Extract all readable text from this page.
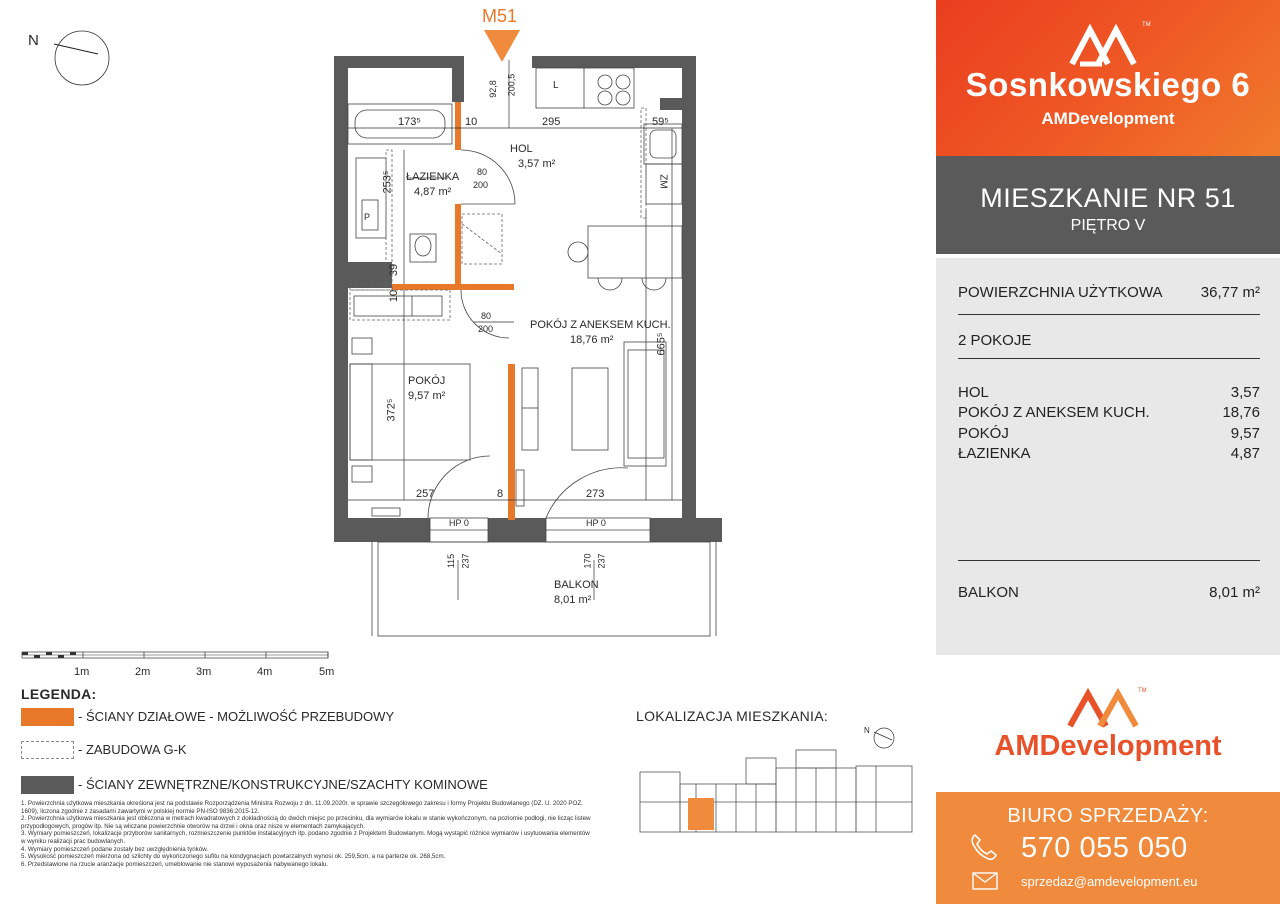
N
M51
HOL
3,57 m²
ŁAZIENKA
4,87 m²
POKÓJ Z ANEKSEM KUCH.
18,76 m²
POKÓJ
9,57 m²
BALKON
8,01 m²
173⁵	10	295	59⁵
257	8	273
253⁵
39
10
372⁵
665⁵
92,8 200,5
80
200
80
200
HP 0	HP 0
115 237	170 237
L
P
ZM
1m	2m	3m	4m	5m
LEGENDA:
- ŚCIANY DZIAŁOWE - MOŻLIWOŚĆ PRZEBUDOWY
- ZABUDOWA G-K
- ŚCIANY ZEWNĘTRZNE/KONSTRUKCYJNE/SZACHTY KOMINOWE
1. Powierzchnia użytkowa mieszkania określona jest na podstawie Rozporządzenia Ministra Rozwoju z dn. 11.09.2020r. w sprawie szczegółowego zakresu i formy Projektu Budowlanego (DZ. U. 2020 POZ. 1609), liczona zgodnie z zasadami zawartymi w polskiej normie PN-ISO 9836:2015-12.
2. Powierzchnia użytkowa mieszkania jest obliczona w metrach kwadratowych z dokładnością do dwóch miejsc po przecinku, dla wymiarów lokalu w stanie wykończonym, na poziomie podłogi, nie licząc listew przypodłogowych, progów itp. Nie są wliczane powierzchnie otworów na drzwi i okna oraz nisze w elementach zamykających.
3. Wymiary pomieszczeń, lokalizacje przyborów sanitarnych, rozmieszczenie punktów instalacyjnych itp. podano zgodnie z Projektem Budowlanym. Mogą wystąpić różnice wymiarów i usytuowania elementów w wyniku realizacji prac budowlanych.
4. Wymiary pomieszczeń podane zostały bez uwzględnienia tynków.
5. Wysokość pomieszczeń mierzona od szlichty do wykończonego sufitu na kondygnacjach powtarzalnych wynosi ok. 259,5cm, a na parterze ok. 268,5cm.
6. Przedstawione na rzucie aranżacje pomieszczeń, umeblowanie nie stanowi wyposażenia nabywanego lokalu.
LOKALIZACJA MIESZKANIA:
N
TM
Sosnkowskiego 6
AMDevelopment
MIESZKANIE NR 51
PIĘTRO V
POWIERZCHNIA UŻYTKOWA	36,77 m²
2 POKOJE
HOL	3,57
POKÓJ Z ANEKSEM KUCH.	18,76
POKÓJ	9,57
ŁAZIENKA	4,87
BALKON	8,01 m²
TM
AMDevelopment
BIURO SPRZEDAŻY:
570 055 050
sprzedaz@amdevelopment.eu
